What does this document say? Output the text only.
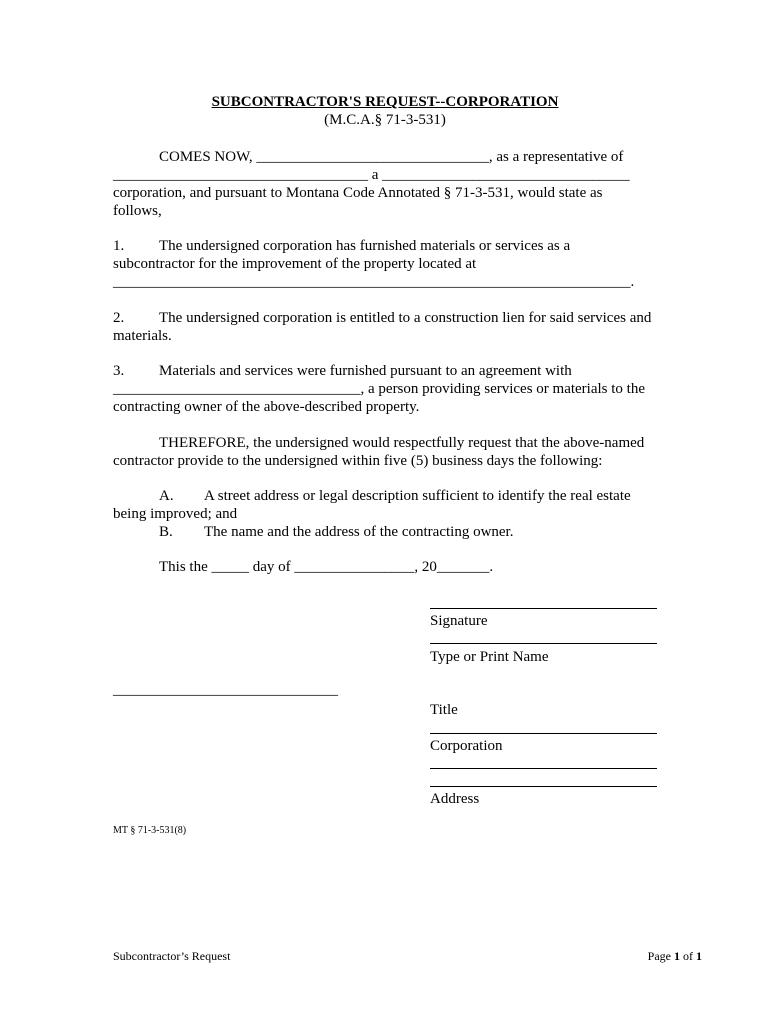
SUBCONTRACTOR'S REQUEST--CORPORATION
(M.C.A.§ 71-3-531)
COMES NOW, _______________________________, as a representative of
__________________________________ a _________________________________
corporation, and pursuant to Montana Code Annotated § 71-3-531, would state as
follows,
1. The undersigned corporation has furnished materials or services as a
subcontractor for the improvement of the property located at
_____________________________________________________________________.
2. The undersigned corporation is entitled to a construction lien for said services and
materials.
3. Materials and services were furnished pursuant to an agreement with
_________________________________, a person providing services or materials to the
contracting owner of the above-described property.
THEREFORE, the undersigned would respectfully request that the above-named
contractor provide to the undersigned within five (5) business days the following:
A. A street address or legal description sufficient to identify the real estate
being improved; and
B. The name and the address of the contracting owner.
This the _____ day of ________________, 20_______.
Signature
Type or Print Name
______________________________
Title
Corporation
Address
MT § 71-3-531(8)
Subcontractor’s Request	Page 1 of 1
